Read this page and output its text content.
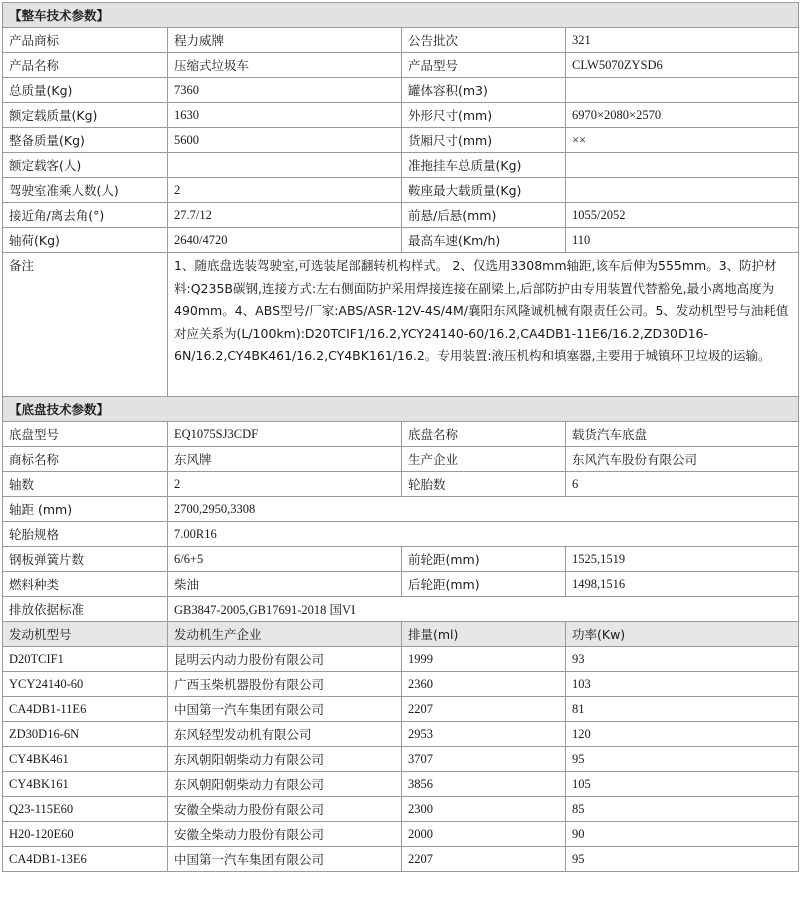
【整车技术参数】			
产品商标	程力威牌	公告批次	321
产品名称	压缩式垃圾车	产品型号	CLW5070ZYSD6
总质量(Kg)	7360	罐体容积(m3)	
额定载质量(Kg)	1630	外形尺寸(mm)	6970×2080×2570
整备质量(Kg)	5600	货厢尺寸(mm)	××
额定载客(人)		准拖挂车总质量(Kg)	
驾驶室准乘人数(人)	2	鞍座最大载质量(Kg)	
接近角/离去角(°)	27.7/12	前悬/后悬(mm)	1055/2052
轴荷(Kg)	2640/4720	最高车速(Km/h)	110
备注	1、随底盘选装驾驶室,可选装尾部翻转机构样式。 2、仅选用3308mm轴距,该车后伸为555mm。3、防护材料:Q235B碳钢,连接方式:左右侧面防护采用焊接连接在副梁上,后部防护由专用装置代替豁免,最小离地高度为490mm。4、ABS型号/厂家:ABS/ASR-12V-4S/4M/襄阳东风隆诚机械有限责任公司。5、发动机型号与油耗值对应关系为(L/100km):D20TCIF1/16.2,YCY24140-60/16.2,CA4DB1-11E6/16.2,ZD30D16-6N/16.2,CY4BK461/16.2,CY4BK161/16.2。专用装置:液压机构和填塞器,主要用于城镇环卫垃圾的运输。		
【底盘技术参数】			
底盘型号	EQ1075SJ3CDF	底盘名称	载货汽车底盘
商标名称	东风牌	生产企业	东风汽车股份有限公司
轴数	2	轮胎数	6
轴距 (mm)	2700,2950,3308		
轮胎规格	7.00R16		
钢板弹簧片数	6/6+5	前轮距(mm)	1525,1519
燃料种类	柴油	后轮距(mm)	1498,1516
排放依据标准	GB3847-2005,GB17691-2018 国VI		
发动机型号	发动机生产企业	排量(ml)	功率(Kw)
D20TCIF1	昆明云内动力股份有限公司	1999	93
YCY24140-60	广西玉柴机器股份有限公司	2360	103
CA4DB1-11E6	中国第一汽车集团有限公司	2207	81
ZD30D16-6N	东风轻型发动机有限公司	2953	120
CY4BK461	东风朝阳朝柴动力有限公司	3707	95
CY4BK161	东风朝阳朝柴动力有限公司	3856	105
Q23-115E60	安徽全柴动力股份有限公司	2300	85
H20-120E60	安徽全柴动力股份有限公司	2000	90
CA4DB1-13E6	中国第一汽车集团有限公司	2207	95
